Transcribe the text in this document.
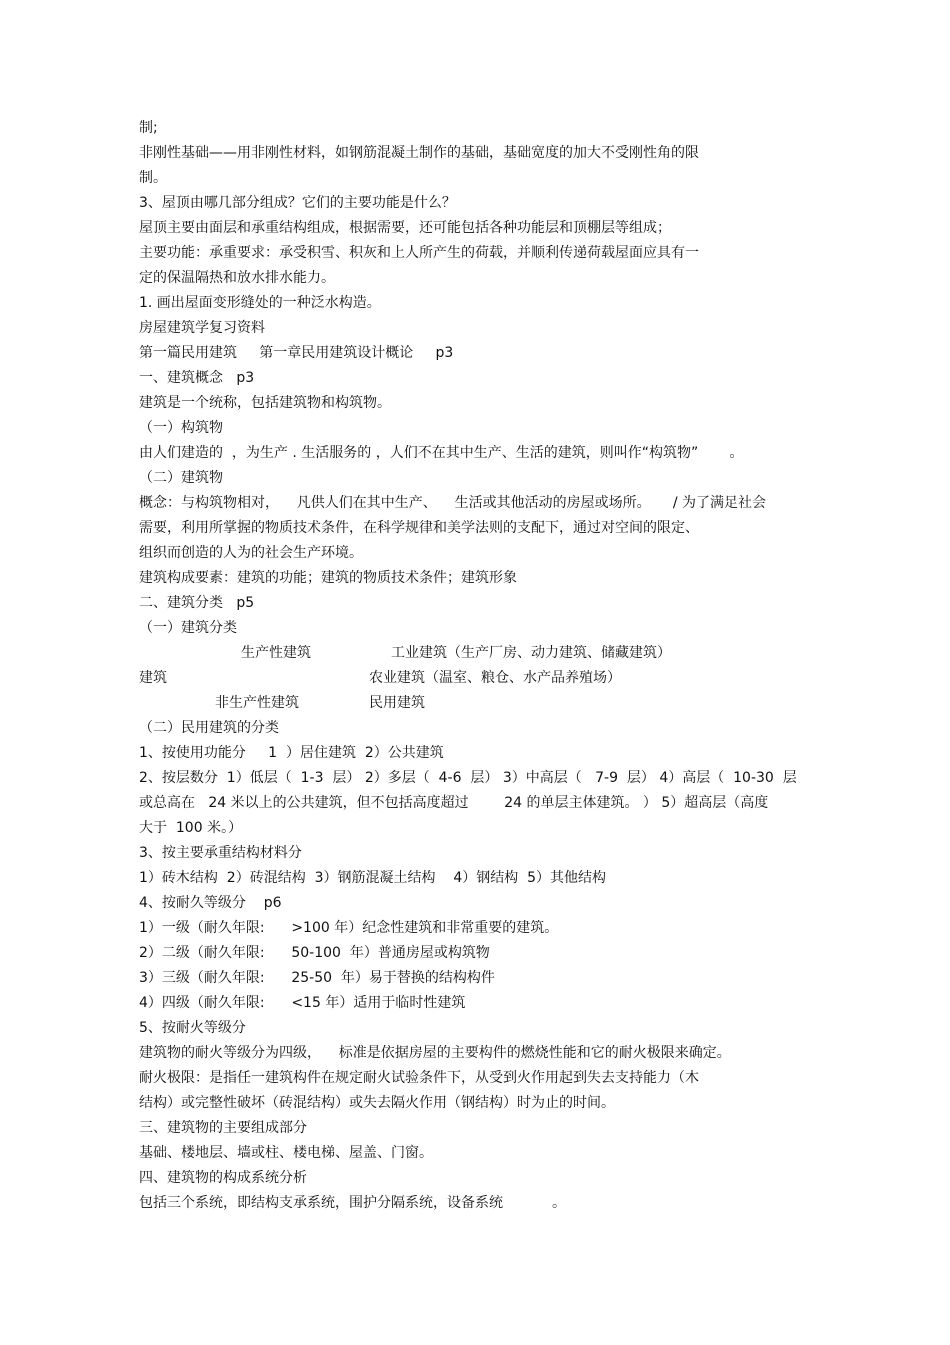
制;
非刚性基础——用非刚性材料，如钢筋混凝土制作的基础，基础宽度的加大不受刚性角的限
制。
3、屋顶由哪几部分组成？它们的主要功能是什么？
屋顶主要由面层和承重结构组成，根据需要，还可能包括各种功能层和顶棚层等组成；
主要功能：承重要求：承受积雪、积灰和上人所产生的荷载，并顺利传递荷载屋面应具有一
定的保温隔热和放水排水能力。
1. 画出屋面变形缝处的一种泛水构造。
房屋建筑学复习资料
第一篇民用建筑     第一章民用建筑设计概论     p3
一、建筑概念   p3
建筑是一个统称，包括建筑物和构筑物。
（一）构筑物
由人们建造的  ，为生产 . 生活服务的 ，人们不在其中生产、生活的建筑，则叫作“构筑物”       。
（二）建筑物
概念：与构筑物相对，    凡供人们在其中生产、    生活或其他活动的房屋或场所。     / 为了满足社会
需要，利用所掌握的物质技术条件，在科学规律和美学法则的支配下，通过对空间的限定、
组织而创造的人为的社会生产环境。
建筑构成要素：建筑的功能；建筑的物质技术条件；建筑形象
二、建筑分类   p5
（一）建筑分类
生产性建筑	工业建筑（生产厂房、动力建筑、储藏建筑）
建筑	农业建筑（温室、粮仓、水产品养殖场）
非生产性建筑	民用建筑
（二）民用建筑的分类
1、按使用功能分     1  ）居住建筑  2）公共建筑
2、按层数分  1）低层（  1-3  层） 2）多层（  4-6  层） 3）中高层（   7-9  层） 4）高层（  10-30  层
或总高在   24 米以上的公共建筑，但不包括高度超过        24 的单层主体建筑。 ） 5）超高层（高度
大于  100 米。）
3、按主要承重结构材料分
1）砖木结构  2）砖混结构  3）钢筋混凝土结构    4）钢结构  5）其他结构
4、按耐久等级分    p6
1）一级（耐久年限:      >100 年）纪念性建筑和非常重要的建筑。
2）二级（耐久年限:      50-100  年）普通房屋或构筑物
3）三级（耐久年限:      25-50  年）易于替换的结构构件
4）四级（耐久年限:      <15 年）适用于临时性建筑
5、按耐火等级分
建筑物的耐火等级分为四级，    标准是依据房屋的主要构件的燃烧性能和它的耐火极限来确定。
耐火极限：是指任一建筑构件在规定耐火试验条件下，从受到火作用起到失去支持能力（木
结构）或完整性破坏（砖混结构）或失去隔火作用（钢结构）时为止的时间。
三、建筑物的主要组成部分
基础、楼地层、墙或柱、楼电梯、屋盖、门窗。
四、建筑物的构成系统分析
包括三个系统，即结构支承系统，围护分隔系统，设备系统           。
